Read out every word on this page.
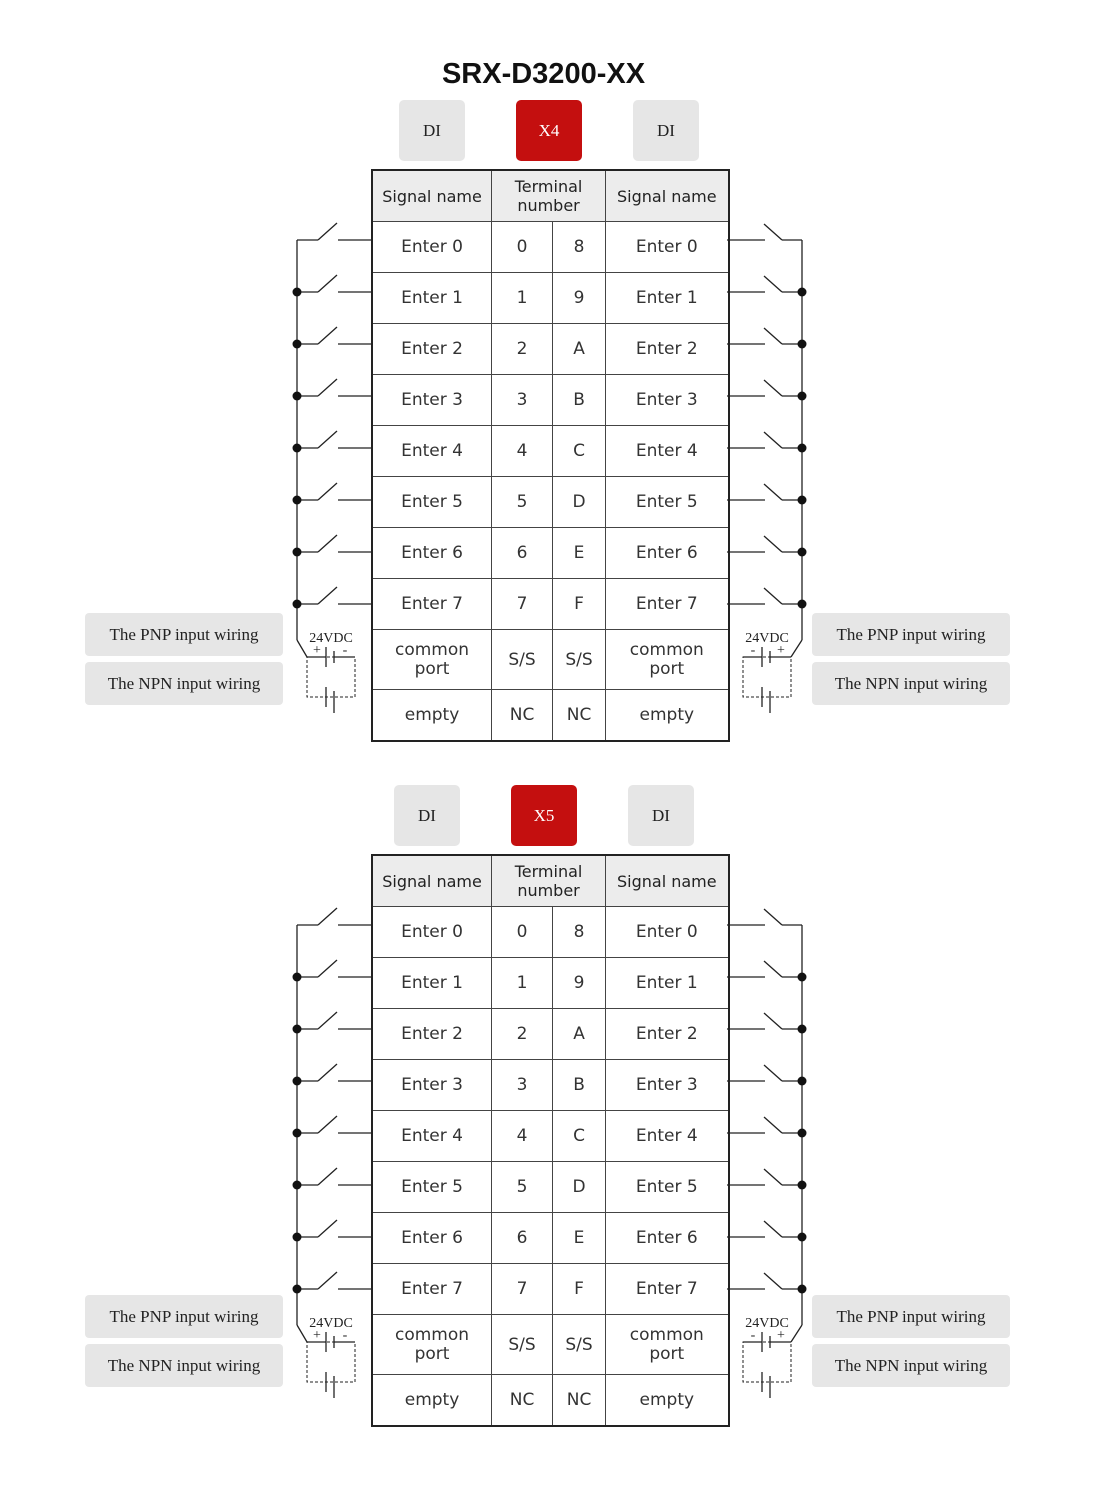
SRX-D3200-XX
DI	X4	DI
Signal name	Terminal number		Signal name
Enter 0	0	8	Enter 0
Enter 1	1	9	Enter 1
Enter 2	2	A	Enter 2
Enter 3	3	B	Enter 3
Enter 4	4	C	Enter 4
Enter 5	5	D	Enter 5
Enter 6	6	E	Enter 6
Enter 7	7	F	Enter 7
common port	S/S	S/S	common port
empty	NC	NC	empty
The PNP input wiring
The NPN input wiring
The PNP input wiring
The NPN input wiring
24VDC
+ -
24VDC
- +
DI	X5	DI
Signal name	Terminal number		Signal name
Enter 0	0	8	Enter 0
Enter 1	1	9	Enter 1
Enter 2	2	A	Enter 2
Enter 3	3	B	Enter 3
Enter 4	4	C	Enter 4
Enter 5	5	D	Enter 5
Enter 6	6	E	Enter 6
Enter 7	7	F	Enter 7
common port	S/S	S/S	common port
empty	NC	NC	empty
The PNP input wiring
The NPN input wiring
The PNP input wiring
The NPN input wiring
24VDC
+ -
24VDC
- +
